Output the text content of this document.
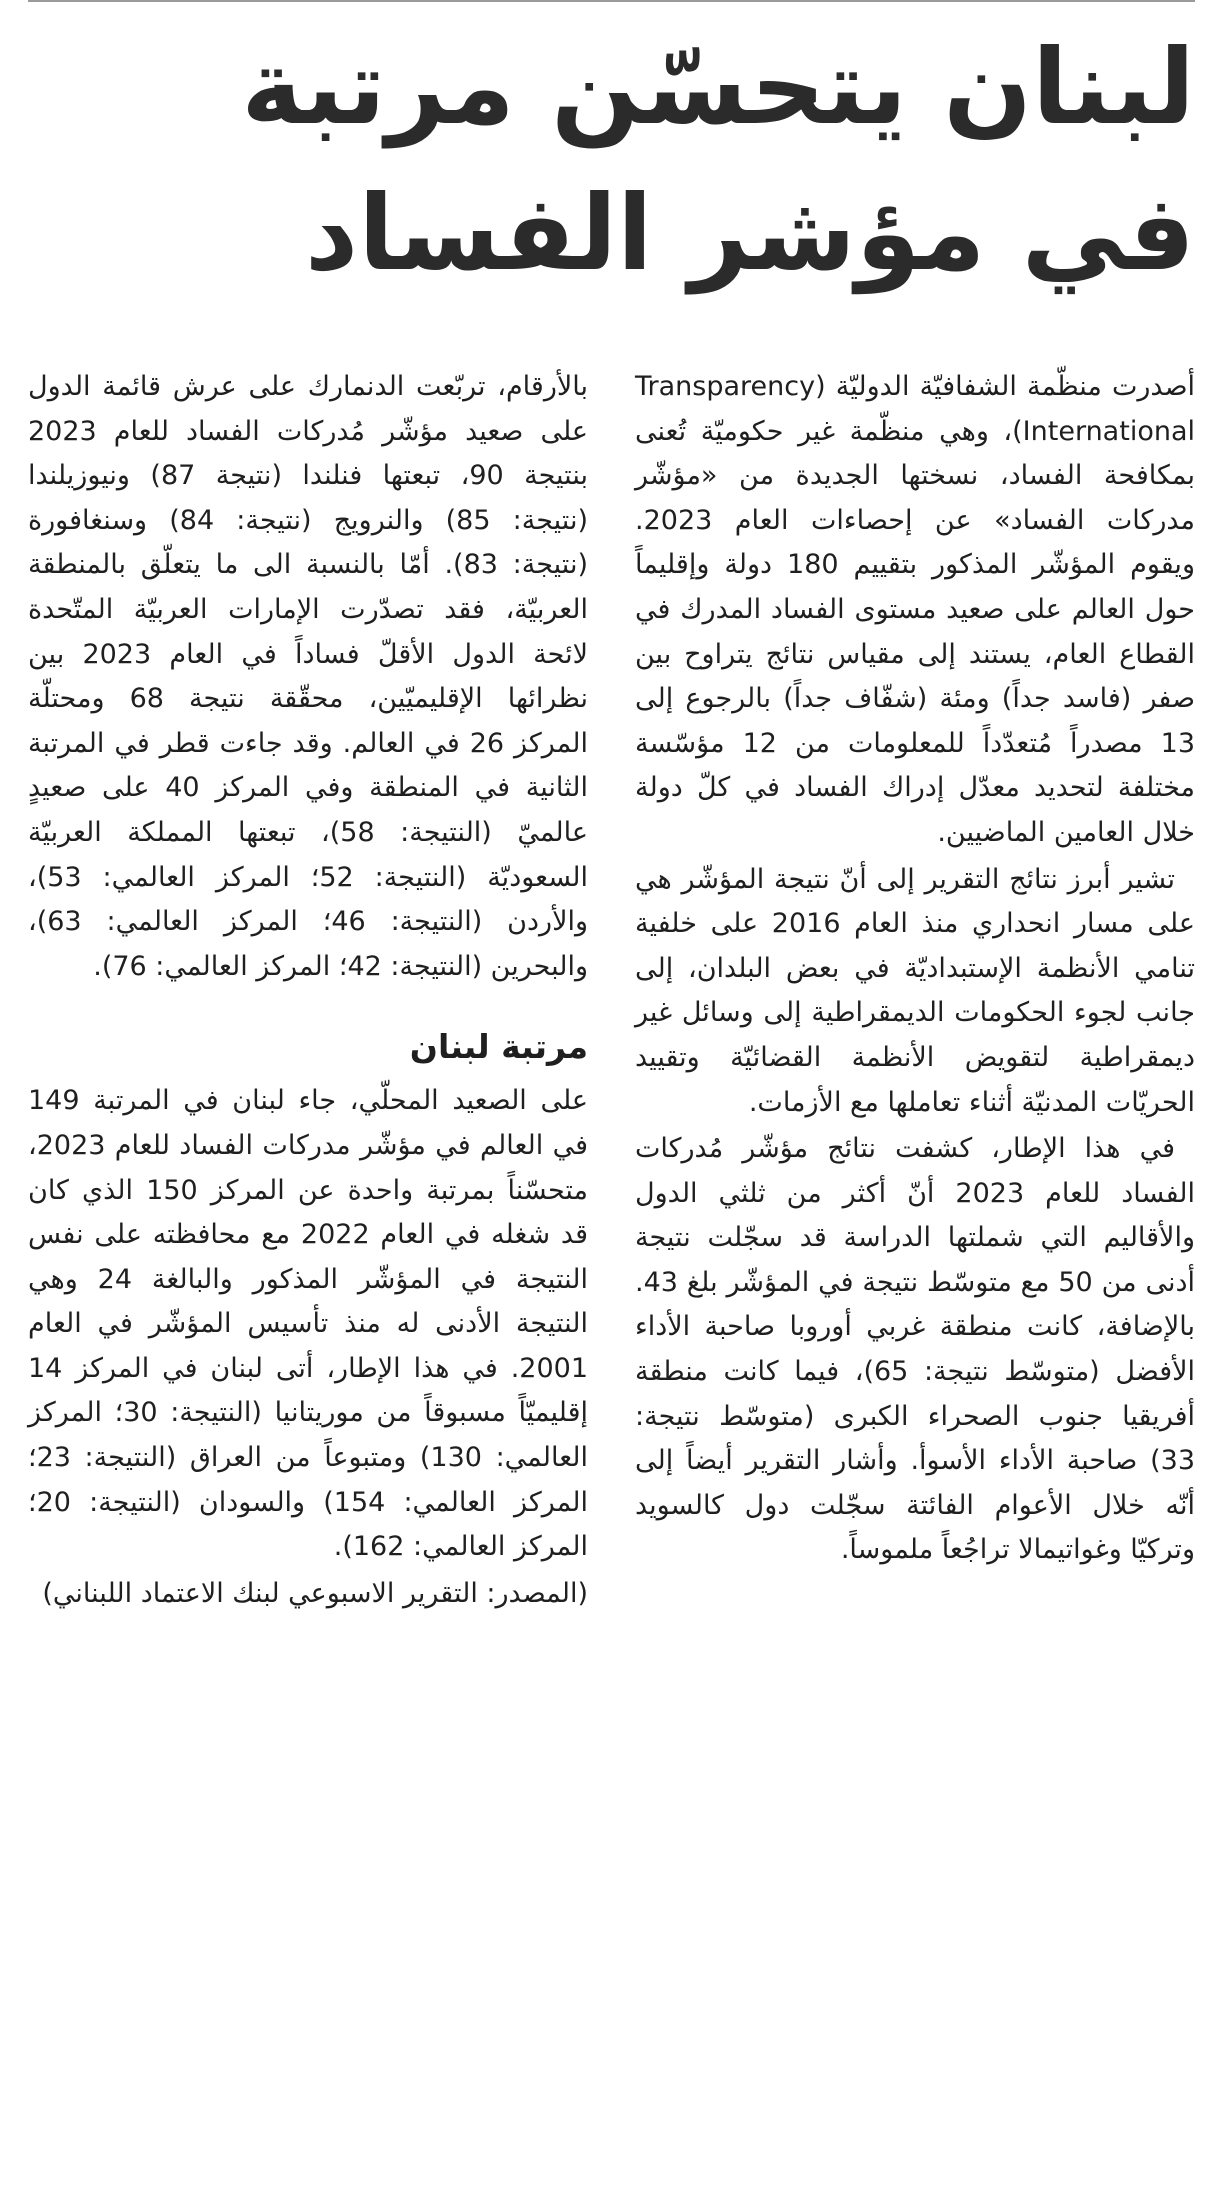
لبنان يتحسّن مرتبة
في مؤشر الفساد

أصدرت منظّمة الشفافيّة الدوليّة (Transparency International)، وهي منظّمة غير حكوميّة تُعنى بمكافحة الفساد، نسختها الجديدة من «مؤشّر مدركات الفساد» عن إحصاءات العام 2023. ويقوم المؤشّر المذكور بتقييم 180 دولة وإقليماً حول العالم على صعيد مستوى الفساد المدرك في القطاع العام، يستند إلى مقياس نتائج يتراوح بين صفر (فاسد جداً) ومئة (شفّاف جداً) بالرجوع إلى 13 مصدراً مُتعدّداً للمعلومات من 12 مؤسّسة مختلفة لتحديد معدّل إدراك الفساد في كلّ دولة خلال العامين الماضيين.

تشير أبرز نتائج التقرير إلى أنّ نتيجة المؤشّر هي على مسار انحداري منذ العام 2016 على خلفية تنامي الأنظمة الإستبداديّة في بعض البلدان، إلى جانب لجوء الحكومات الديمقراطية إلى وسائل غير ديمقراطية لتقويض الأنظمة القضائيّة وتقييد الحريّات المدنيّة أثناء تعاملها مع الأزمات.

في هذا الإطار، كشفت نتائج مؤشّر مُدركات الفساد للعام 2023 أنّ أكثر من ثلثي الدول والأقاليم التي شملتها الدراسة قد سجّلت نتيجة أدنى من 50 مع متوسّط نتيجة في المؤشّر بلغ 43. بالإضافة، كانت منطقة غربي أوروبا صاحبة الأداء الأفضل (متوسّط نتيجة: 65)، فيما كانت منطقة أفريقيا جنوب الصحراء الكبرى (متوسّط نتيجة: 33) صاحبة الأداء الأسوأ. وأشار التقرير أيضاً إلى أنّه خلال الأعوام الفائتة سجّلت دول كالسويد وتركيّا وغواتيمالا تراجُعاً ملموساً.

بالأرقام، تربّعت الدنمارك على عرش قائمة الدول على صعيد مؤشّر مُدركات الفساد للعام 2023 بنتيجة 90، تبعتها فنلندا (نتيجة 87) ونيوزيلندا (نتيجة: 85) والنرويج (نتيجة: 84) وسنغافورة (نتيجة: 83). أمّا بالنسبة الى ما يتعلّق بالمنطقة العربيّة، فقد تصدّرت الإمارات العربيّة المتّحدة لائحة الدول الأقلّ فساداً في العام 2023 بين نظرائها الإقليميّين، محقّقة نتيجة 68 ومحتلّة المركز 26 في العالم. وقد جاءت قطر في المرتبة الثانية في المنطقة وفي المركز 40 على صعيدٍ عالميّ (النتيجة: 58)، تبعتها المملكة العربيّة السعوديّة (النتيجة: 52؛ المركز العالمي: 53)، والأردن (النتيجة: 46؛ المركز العالمي: 63)، والبحرين (النتيجة: 42؛ المركز العالمي: 76).

مرتبة لبنان

على الصعيد المحلّي، جاء لبنان في المرتبة 149 في العالم في مؤشّر مدركات الفساد للعام 2023، متحسّناً بمرتبة واحدة عن المركز 150 الذي كان قد شغله في العام 2022 مع محافظته على نفس النتيجة في المؤشّر المذكور والبالغة 24 وهي النتيجة الأدنى له منذ تأسيس المؤشّر في العام 2001. في هذا الإطار، أتى لبنان في المركز 14 إقليميّاً مسبوقاً من موريتانيا (النتيجة: 30؛ المركز العالمي: 130) ومتبوعاً من العراق (النتيجة: 23؛ المركز العالمي: 154) والسودان (النتيجة: 20؛ المركز العالمي: 162).

(المصدر: التقرير الاسبوعي لبنك الاعتماد اللبناني)
